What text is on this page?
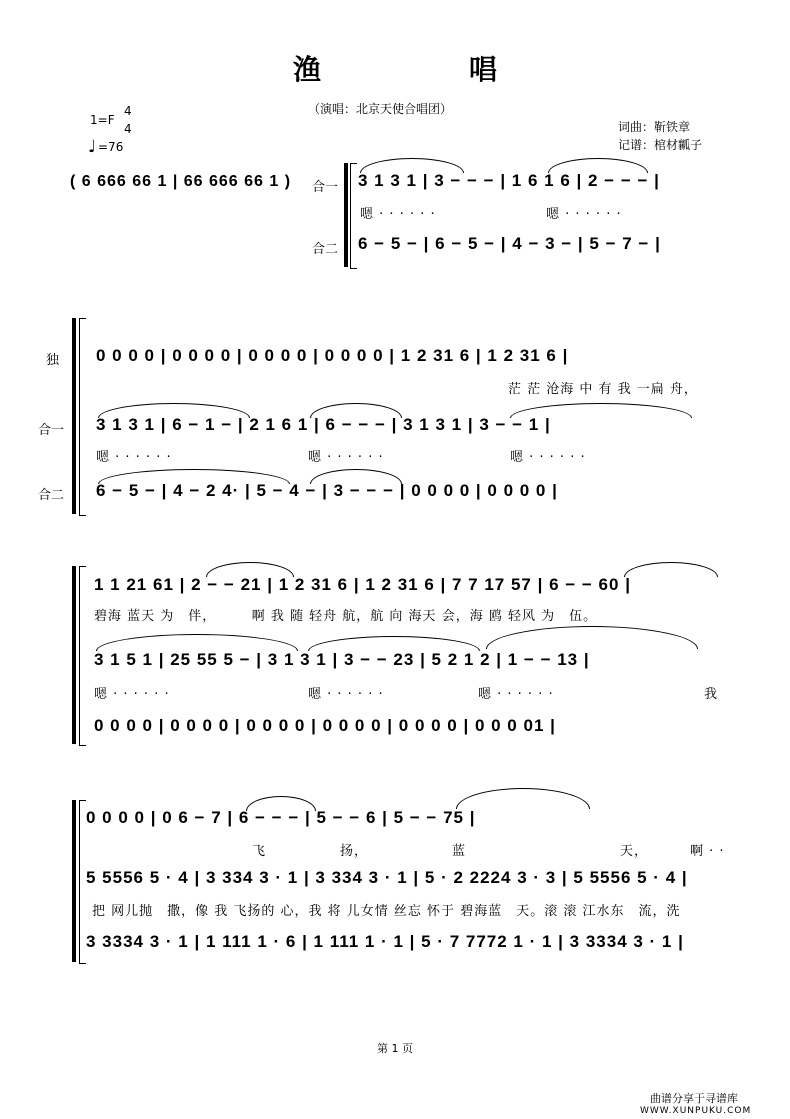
渔　唱
（演唱：北京天使合唱团）
1=F
4
4
♩ =76
词曲：靳铁章
记谱：棺材瓤子
( 6 666 66 1 | 66 666 66 1 ) 合一
合二
3 1 3 1 | 3 − − − | 1 6 1 6 | 2 − − − |
嗯 · · · · · ·	嗯 · · · · · ·
6 − 5 − | 6 − 5 − | 4 − 3 − | 5 − 7 − |
独
合一
合二
0 0 0 0 | 0 0 0 0 | 0 0 0 0 | 0 0 0 0 | 1 2 31 6 | 1 2 31 6 |
茫 茫 沧海 中 有 我 一扁 舟，
3 1 3 1 | 6 − 1 − | 2 1 6 1 | 6 − − − | 3 1 3 1 | 3 − − 1 |
嗯 · · · · · ·	嗯 · · · · · ·	嗯 · · · · · ·
6 − 5 − | 4 − 2 4· | 5 − 4 − | 3 − − − | 0 0 0 0 | 0 0 0 0 |
1 1 21 61 | 2 − − 21 | 1 2 31 6 | 1 2 31 6 | 7 7 17 57 | 6 − − 60 |
碧海 蓝天 为　伴，　　　啊 我 随 轻舟 航，航 向 海天 会，海 鸥 轻风 为　伍。
3 1 5 1 | 25 55 5 − | 3 1 3 1 | 3 − − 23 | 5 2 1 2 | 1 − − 13 |
嗯 · · · · · ·	嗯 · · · · · ·	嗯 · · · · · ·	我
0 0 0 0 | 0 0 0 0 | 0 0 0 0 | 0 0 0 0 | 0 0 0 0 | 0 0 0 01 |
0 0 0 0 | 0 6 − 7 | 6 − − − | 5 − − 6 | 5 − − 75 |
飞	扬，	蓝	天，	啊 · ·
5 5556 5 · 4 | 3 334 3 · 1 | 3 334 3 · 1 | 5 · 2 2224 3 · 3 | 5 5556 5 · 4 |
把 网儿抛　撒，像 我 飞扬的 心，我 将 儿女情 丝忘 怀于 碧海蓝　天。滚 滚 江水东　流，洗
3 3334 3 · 1 | 1 111 1 · 6 | 1 111 1 · 1 | 5 · 7 7772 1 · 1 | 3 3334 3 · 1 |
第 1 页
曲谱分享于寻谱库
WWW.XUNPUKU.COM
